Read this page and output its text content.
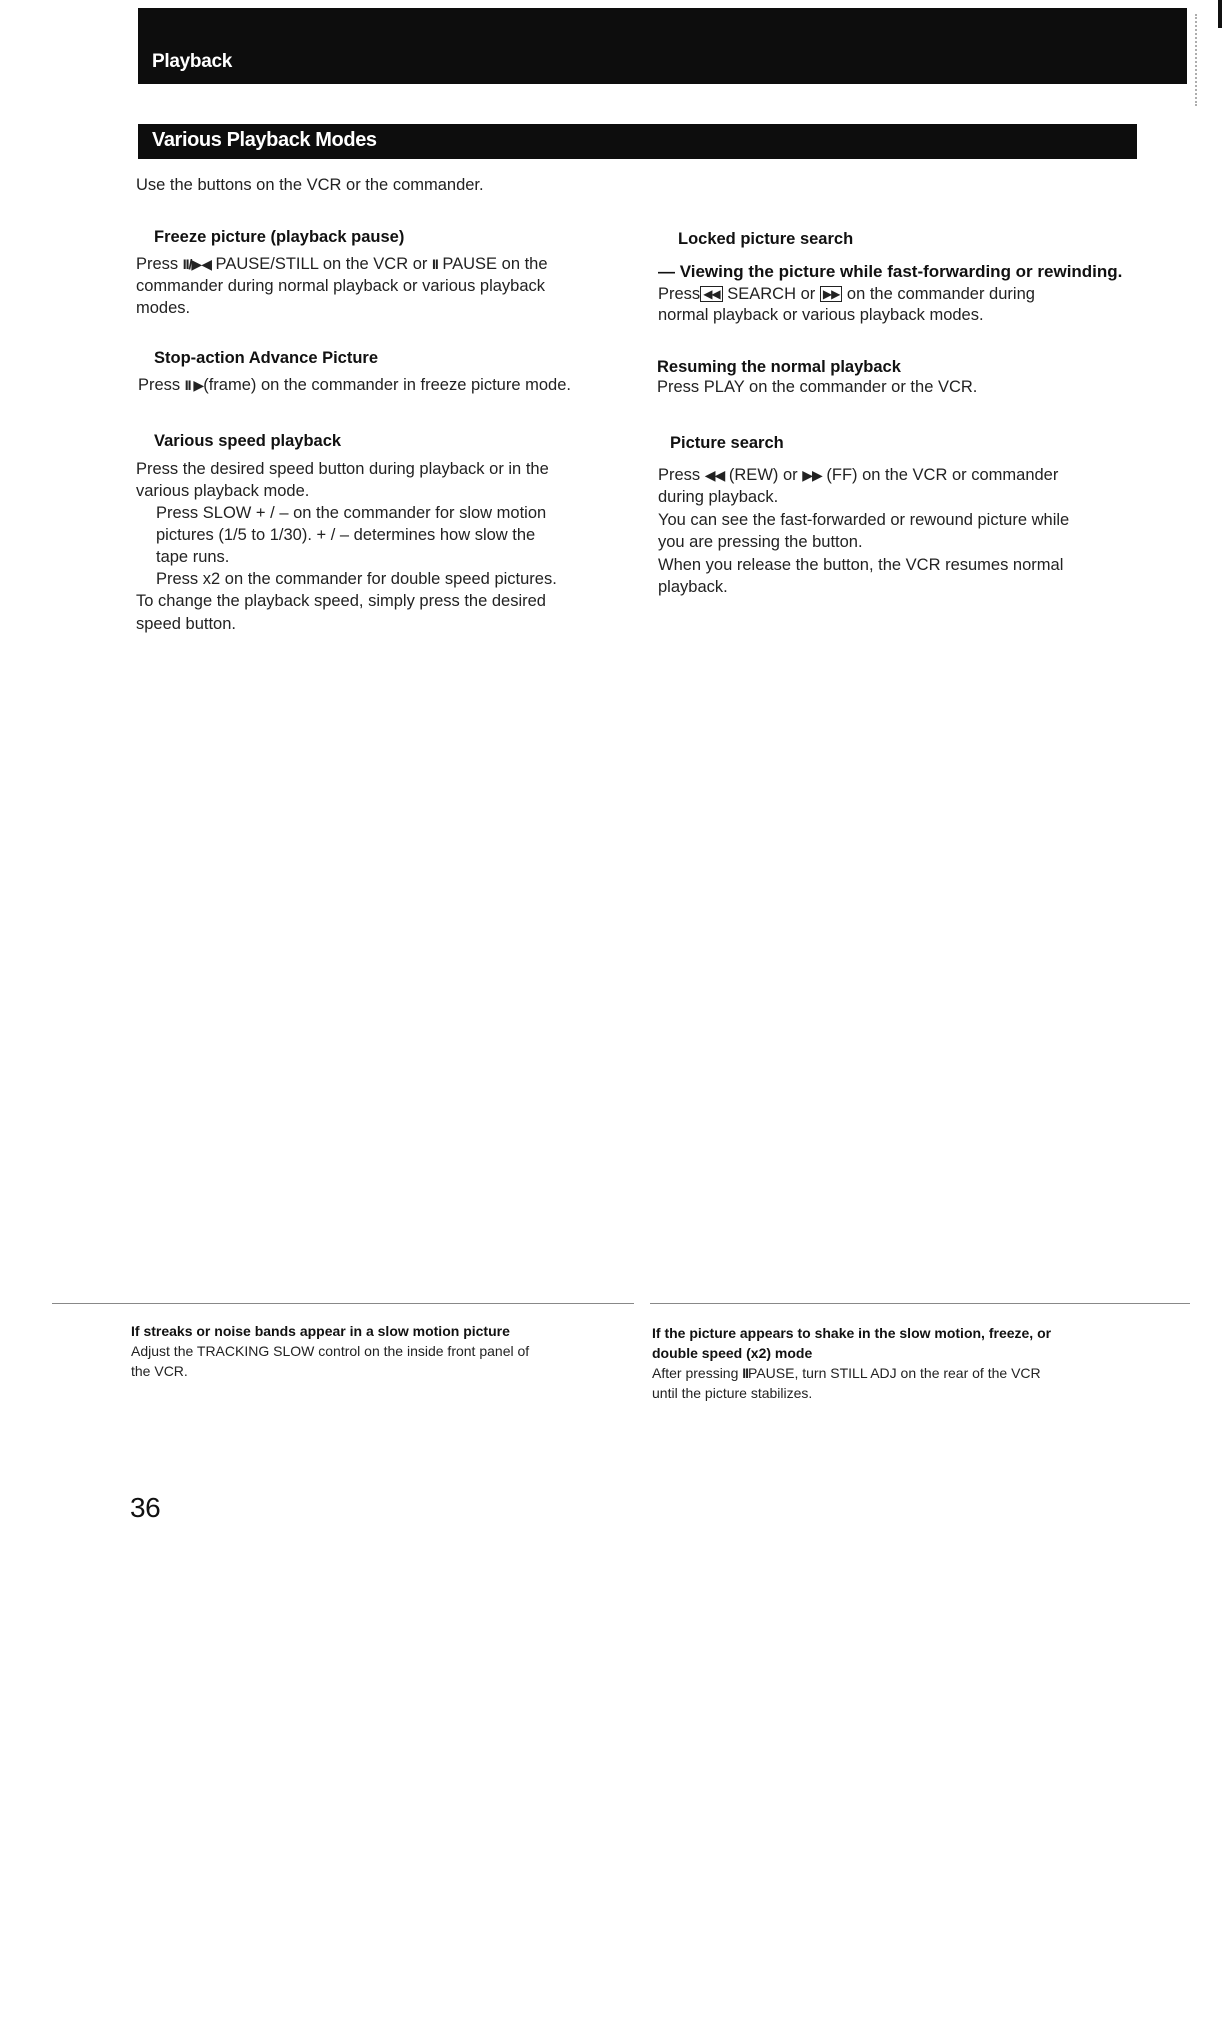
Playback
Various Playback Modes
Use the buttons on the VCR or the commander.
Freeze picture (playback pause)
Press II/▶◀ PAUSE/STILL on the VCR or II PAUSE on the
commander during normal playback or various playback
modes.
Stop-action Advance Picture
Press II ▶(frame) on the commander in freeze picture mode.
Various speed playback
Press the desired speed button during playback or in the
various playback mode.
Press SLOW + / – on the commander for slow motion
pictures (1/5 to 1/30). + / – determines how slow the
tape runs.
Press x2 on the commander for double speed pictures.
To change the playback speed, simply press the desired
speed button.
Locked picture search
— Viewing the picture while fast-forwarding or rewinding.
Press ◀◀ SEARCH or ▶▶ on the commander during
normal playback or various playback modes.
Resuming the normal playback
Press PLAY on the commander or the VCR.
Picture search
Press ◀◀ (REW) or ▶▶ (FF) on the VCR or commander
during playback.
You can see the fast-forwarded or rewound picture while
you are pressing the button.
When you release the button, the VCR resumes normal
playback.
If streaks or noise bands appear in a slow motion picture
Adjust the TRACKING SLOW control on the inside front panel of
the VCR.
If the picture appears to shake in the slow motion, freeze, or
double speed (x2) mode
After pressing IIPAUSE, turn STILL ADJ on the rear of the VCR
until the picture stabilizes.
36
